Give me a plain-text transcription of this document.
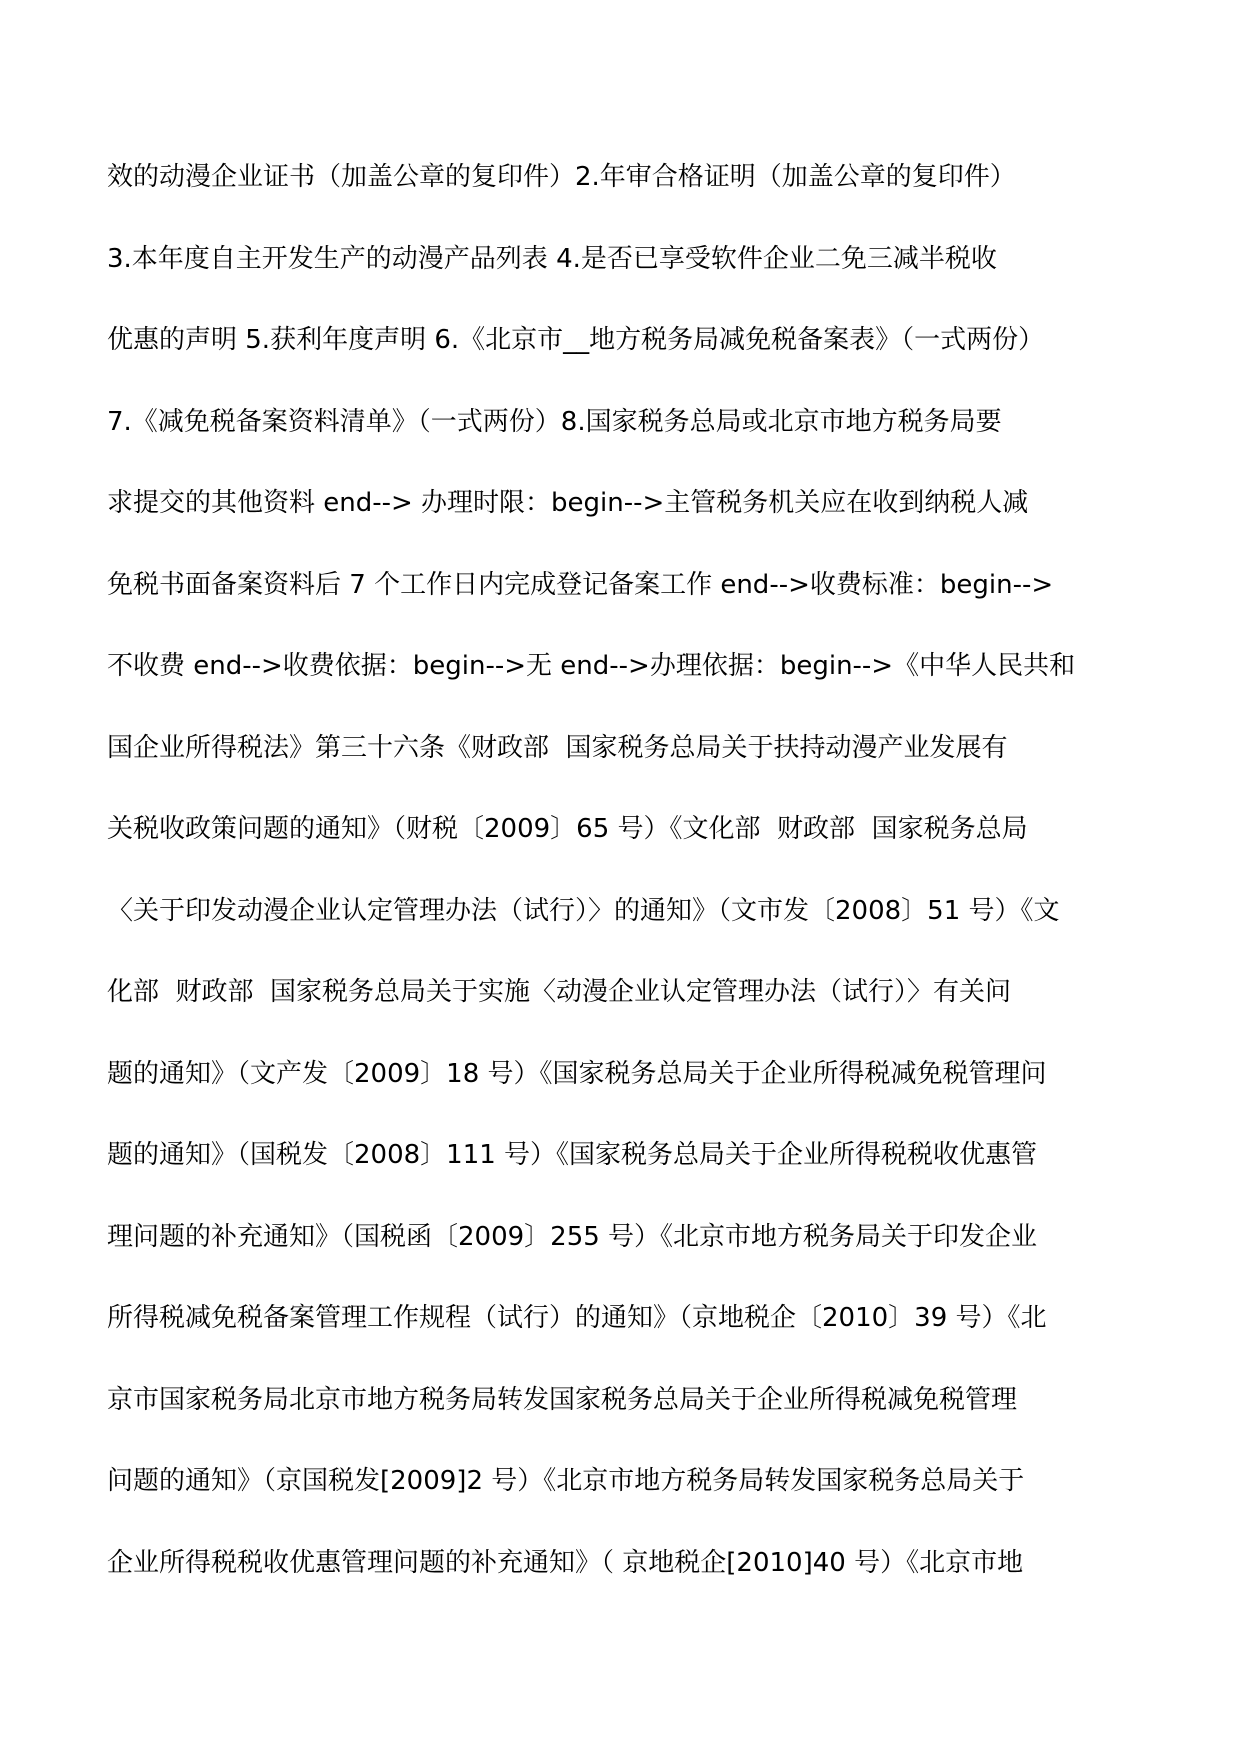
效的动漫企业证书（加盖公章的复印件）2.年审合格证明（加盖公章的复印件）
3.本年度自主开发生产的动漫产品列表 4.是否已享受软件企业二免三减半税收
优惠的声明 5.获利年度声明 6.《北京市__地方税务局减免税备案表》（一式两份）
7.《减免税备案资料清单》（一式两份）8.国家税务总局或北京市地方税务局要
求提交的其他资料 end--> 办理时限：begin-->主管税务机关应在收到纳税人减
免税书面备案资料后 7 个工作日内完成登记备案工作 end-->收费标准：begin-->
不收费 end-->收费依据：begin-->无 end-->办理依据：begin-->《中华人民共和
国企业所得税法》第三十六条《财政部  国家税务总局关于扶持动漫产业发展有
关税收政策问题的通知》（财税〔2009〕65 号）《文化部  财政部  国家税务总局
〈关于印发动漫企业认定管理办法（试行）〉的通知》（文市发〔2008〕51 号）《文
化部  财政部  国家税务总局关于实施〈动漫企业认定管理办法（试行）〉有关问
题的通知》（文产发〔2009〕18 号）《国家税务总局关于企业所得税减免税管理问
题的通知》（国税发〔2008〕111 号）《国家税务总局关于企业所得税税收优惠管
理问题的补充通知》（国税函〔2009〕255 号）《北京市地方税务局关于印发企业
所得税减免税备案管理工作规程（试行）的通知》（京地税企〔2010〕39 号）《北
京市国家税务局北京市地方税务局转发国家税务总局关于企业所得税减免税管理
问题的通知》（京国税发[2009]2 号）《北京市地方税务局转发国家税务总局关于
企业所得税税收优惠管理问题的补充通知》（ 京地税企[2010]40 号）《北京市地
